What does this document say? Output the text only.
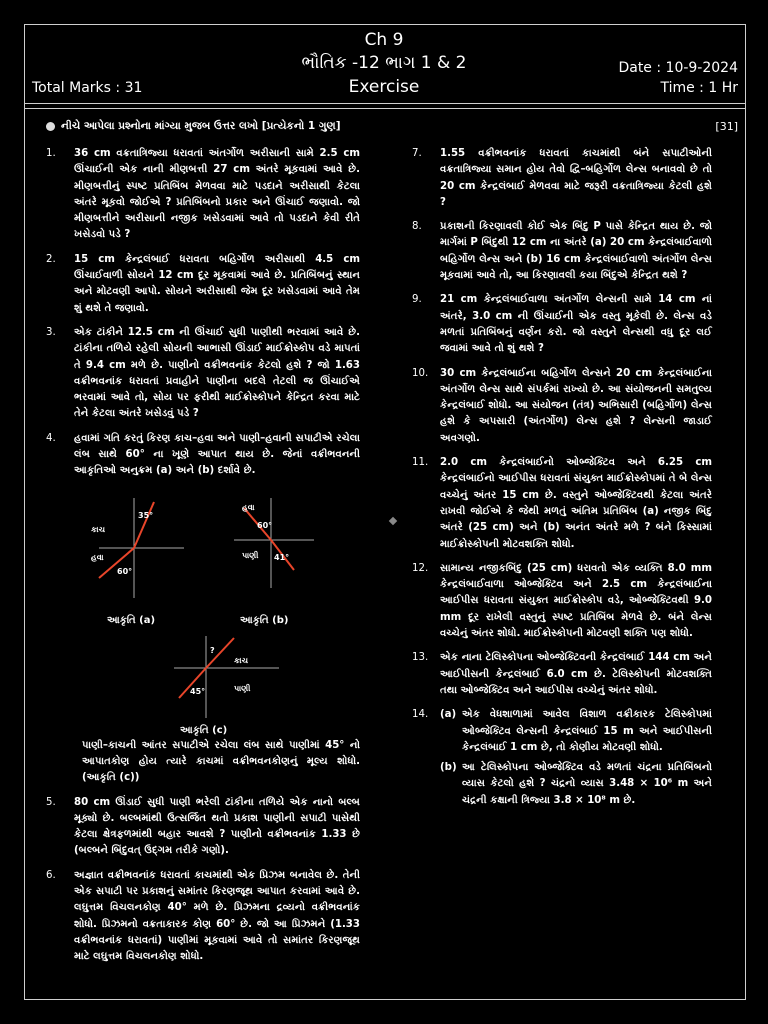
Ch 9
ભૌતિક -12 ભાગ 1 & 2
Exercise
Date : 10-9-2024
Time : 1 Hr
Total Marks : 31
નીચે આપેલા પ્રશ્નોના માંગ્યા મુજબ ઉત્તર લખો [પ્રત્યેકનો 1 ગુણ]	[31]
1.	36 cm વક્રતાત્રિજ્યા ધરાવતાં અંતર્ગોળ અરીસાની સામે 2.5 cm ઊંચાઈની એક નાની મીણબત્તી 27 cm અંતરે મૂકવામાં આવે છે. મીણબત્તીનું સ્પષ્ટ પ્રતિબિંબ મેળવવા માટે પડદાને અરીસાથી કેટલા અંતરે મૂકવો જોઈએ ? પ્રતિબિંબનો પ્રકાર અને ઊંચાઈ જણાવો. જો મીણબત્તીને અરીસાની નજીક ખસેડવામાં આવે તો પડદાને કેવી રીતે ખસેડવો પડે ?
2.	15 cm કેન્દ્રલંબાઈ ધરાવતા બહિર્ગોળ અરીસાથી 4.5 cm ઊંચાઈવાળી સોયને 12 cm દૂર મૂકવામાં આવે છે. પ્રતિબિંબનું સ્થાન અને મોટવણી આપો. સોયને અરીસાથી જેમ દૂર ખસેડવામાં આવે તેમ શું થશે તે જણાવો.
3.	એક ટાંકીને 12.5 cm ની ઊંચાઈ સુધી પાણીથી ભરવામાં આવે છે. ટાંકીના તળિયે રહેલી સોયની આભાસી ઊંડાઈ માઈક્રોસ્કોપ વડે માપતાં તે 9.4 cm મળે છે. પાણીનો વક્રીભવનાંક કેટલો હશે ? જો 1.63 વક્રીભવનાંક ધરાવતાં પ્રવાહીને પાણીના બદલે તેટલી જ ઊંચાઈએ ભરવામાં આવે તો, સોય પર ફરીથી માઈક્રોસ્કોપને કેન્દ્રિત કરવા માટે તેને કેટલા અંતરે ખસેડવું પડે ?
4.	હવામાં ગતિ કરતું કિરણ કાચ–હવા અને પાણી–હવાની સપાટીએ રચેલા લંબ સાથે 60° ના ખૂણે આપાત થાય છે. જેનાં વક્રીભવનની આકૃતિઓ અનુક્રમ (a) અને (b) દર્શાવે છે.
કાચ
હવા
35°
60°
આકૃતિ (a)
હવા
પાણી
60°
41°
આકૃતિ (b)
કાચ
પાણી
?
45°
આકૃતિ (c)
પાણી–કાચની આંતર સપાટીએ રચેલા લંબ સાથે પાણીમાં 45° નો આપાતકોણ હોય ત્યારે કાચમાં વક્રીભવનકોણનું મૂલ્ય શોધો. (આકૃતિ (c))
5.	80 cm ઊંડાઈ સુધી પાણી ભરેલી ટાંકીના તળિયે એક નાનો બલ્બ મૂક્યો છે. બલ્બમાંથી ઉત્સર્જિત થતો પ્રકાશ પાણીની સપાટી પાસેથી કેટલા ક્ષેત્રફળમાંથી બહાર આવશે ? પાણીનો વક્રીભવનાંક 1.33 છે (બલ્બને બિંદુવત્ ઉદ્ગમ તરીકે ગણો).
6.	અજ્ઞાત વક્રીભવનાંક ધરાવતાં કાચમાંથી એક પ્રિઝમ બનાવેલ છે. તેની એક સપાટી પર પ્રકાશનું સમાંતર કિરણજૂથ આપાત કરવામાં આવે છે. લઘુત્તમ વિચલનકોણ 40° મળે છે. પ્રિઝમના દ્રવ્યનો વક્રીભવનાંક શોધો. પ્રિઝમનો વક્રતાકારક કોણ 60° છે. જો આ પ્રિઝમને (1.33 વક્રીભવનાંક ધરાવતાં) પાણીમાં મૂકવામાં આવે તો સમાંતર કિરણજૂથ માટે લઘુત્તમ વિચલનકોણ શોધો.
7.	1.55 વક્રીભવનાંક ધરાવતાં કાચમાંથી બંને સપાટીઓની વક્રતાત્રિજ્યા સમાન હોય તેવો દ્વિ–બહિર્ગોળ લેન્સ બનાવવો છે તો 20 cm કેન્દ્રલંબાઈ મેળવવા માટે જરૂરી વક્રતાત્રિજ્યા કેટલી હશે ?
8.	પ્રકાશની કિરણાવલી કોઈ એક બિંદુ P પાસે કેન્દ્રિત થાય છે. જો માર્ગમાં P બિંદુથી 12 cm ના અંતરે (a) 20 cm કેન્દ્રલંબાઈવાળો બહિર્ગોળ લેન્સ અને (b) 16 cm કેન્દ્રલંબાઈવાળો અંતર્ગોળ લેન્સ મૂકવામાં આવે તો, આ કિરણાવલી કયા બિંદુએ કેન્દ્રિત થશે ?
9.	21 cm કેન્દ્રલંબાઈવાળા અંતર્ગોળ લેન્સની સામે 14 cm નાં અંતરે, 3.0 cm ની ઊંચાઈની એક વસ્તુ મૂકેલી છે. લેન્સ વડે મળતાં પ્રતિબિંબનું વર્ણન કરો. જો વસ્તુને લેન્સથી વધુ દૂર લઈ જવામાં આવે તો શું થશે ?
10.	30 cm કેન્દ્રલંબાઈના બહિર્ગોળ લેન્સને 20 cm કેન્દ્રલંબાઈના અંતર્ગોળ લેન્સ સાથે સંપર્કમાં રાખ્યો છે. આ સંયોજનની સમતુલ્ય કેન્દ્રલંબાઈ શોધો. આ સંયોજન (તંત્ર) અભિસારી (બહિર્ગોળ) લેન્સ હશે કે અપસારી (અંતર્ગોળ) લેન્સ હશે ? લેન્સની જાડાઈ અવગણો.
11.	2.0 cm કેન્દ્રલંબાઈનો ઓબ્જેક્ટિવ અને 6.25 cm કેન્દ્રલંબાઈનો આઈપીસ ધરાવતાં સંયુક્ત માઈક્રોસ્કોપમાં તે બે લેન્સ વચ્ચેનું અંતર 15 cm છે. વસ્તુને ઓબ્જેક્ટિવથી કેટલા અંતરે રાખવી જોઈએ કે જેથી મળતું અંતિમ પ્રતિબિંબ (a) નજીક બિંદુ અંતરે (25 cm) અને (b) અનંત અંતરે મળે ? બંને કિસ્સામાં માઈક્રોસ્કોપની મોટવશક્તિ શોધો.
12.	સામાન્ય નજીકબિંદુ (25 cm) ધરાવતો એક વ્યક્તિ 8.0 mm કેન્દ્રલંબાઈવાળા ઓબ્જેક્ટિવ અને 2.5 cm કેન્દ્રલંબાઈના આઈપીસ ધરાવતા સંયુક્ત માઈક્રોસ્કોપ વડે, ઓબ્જેક્ટિવથી 9.0 mm દૂર રાખેલી વસ્તુનું સ્પષ્ટ પ્રતિબિંબ મેળવે છે. બંને લેન્સ વચ્ચેનું અંતર શોધો. માઈક્રોસ્કોપની મોટવણી શક્તિ પણ શોધો.
13.	એક નાના ટેલિસ્કોપના ઓબ્જેક્ટિવની કેન્દ્રલંબાઈ 144 cm અને આઈપીસની કેન્દ્રલંબાઈ 6.0 cm છે. ટેલિસ્કોપની મોટવશક્તિ તથા ઓબ્જેક્ટિવ અને આઈપીસ વચ્ચેનું અંતર શોધો.
14.	(a) એક વેધશાળામાં આવેલ વિશાળ વક્રીકારક ટેલિસ્કોપમાં ઓબ્જેક્ટિવ લેન્સની કેન્દ્રલંબાઈ 15 m અને આઈપીસની કેન્દ્રલંબાઈ 1 cm છે, તો કોણીય મોટવણી શોધો.
(b) આ ટેલિસ્કોપના ઓબ્જેક્ટિવ વડે મળતાં ચંદ્રના પ્રતિબિંબનો વ્યાસ કેટલો હશે ? ચંદ્રનો વ્યાસ 3.48 × 10⁶ m અને ચંદ્રની કક્ષાની ત્રિજ્યા 3.8 × 10⁸ m છે.
